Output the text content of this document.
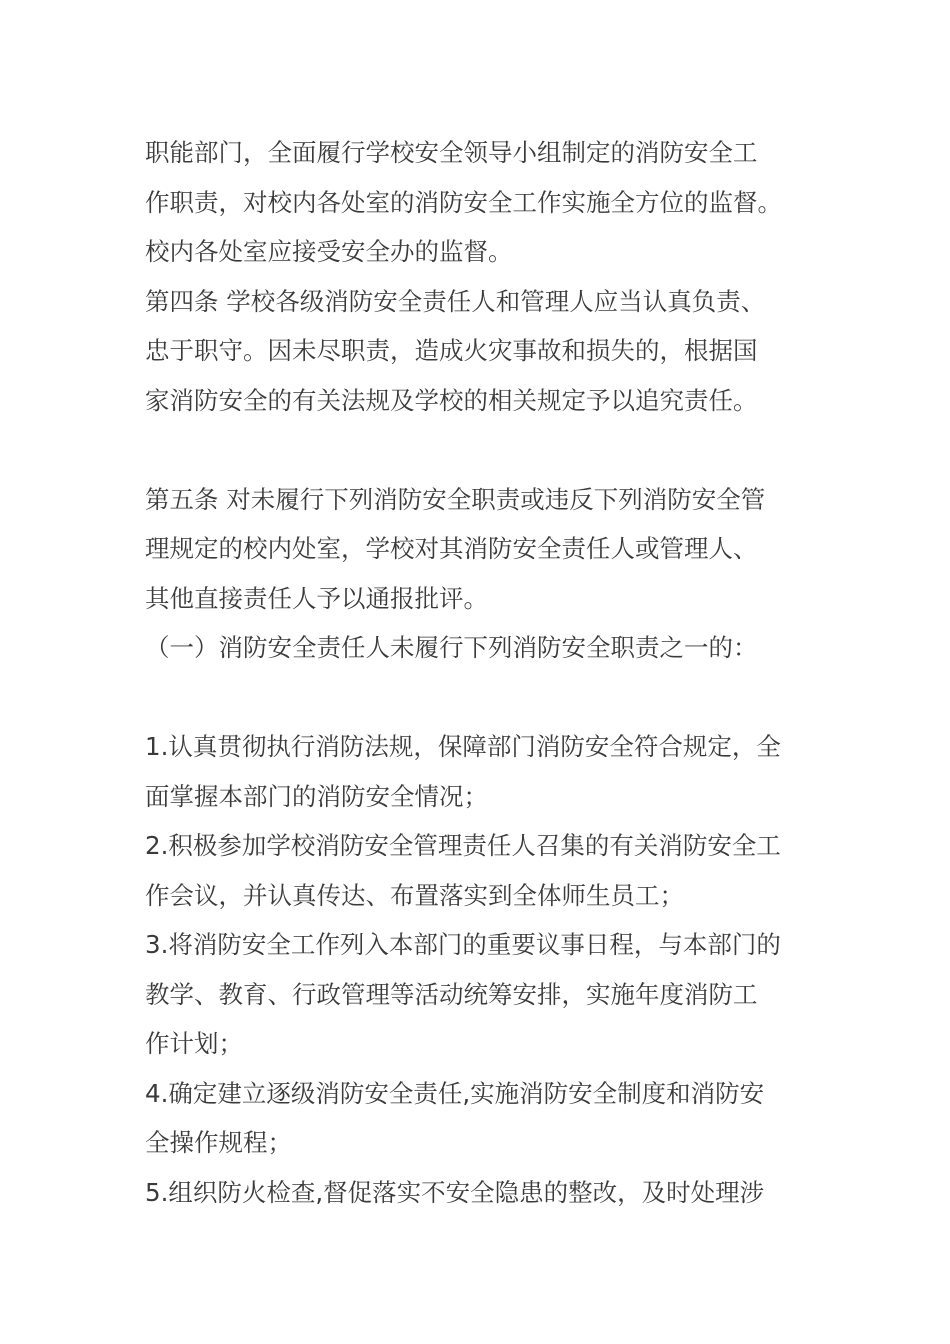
职能部门，全面履行学校安全领导小组制定的消防安全工
作职责，对校内各处室的消防安全工作实施全方位的监督。
校内各处室应接受安全办的监督。
第四条 学校各级消防安全责任人和管理人应当认真负责、
忠于职守。因未尽职责，造成火灾事故和损失的，根据国
家消防安全的有关法规及学校的相关规定予以追究责任。
第五条 对未履行下列消防安全职责或违反下列消防安全管
理规定的校内处室，学校对其消防安全责任人或管理人、
其他直接责任人予以通报批评。
（一）消防安全责任人未履行下列消防安全职责之一的：
1.认真贯彻执行消防法规，保障部门消防安全符合规定，全
面掌握本部门的消防安全情况；
2.积极参加学校消防安全管理责任人召集的有关消防安全工
作会议，并认真传达、布置落实到全体师生员工；
3.将消防安全工作列入本部门的重要议事日程，与本部门的
教学、教育、行政管理等活动统筹安排，实施年度消防工
作计划；
4.确定建立逐级消防安全责任,实施消防安全制度和消防安
全操作规程；
5.组织防火检查,督促落实不安全隐患的整改，及时处理涉
